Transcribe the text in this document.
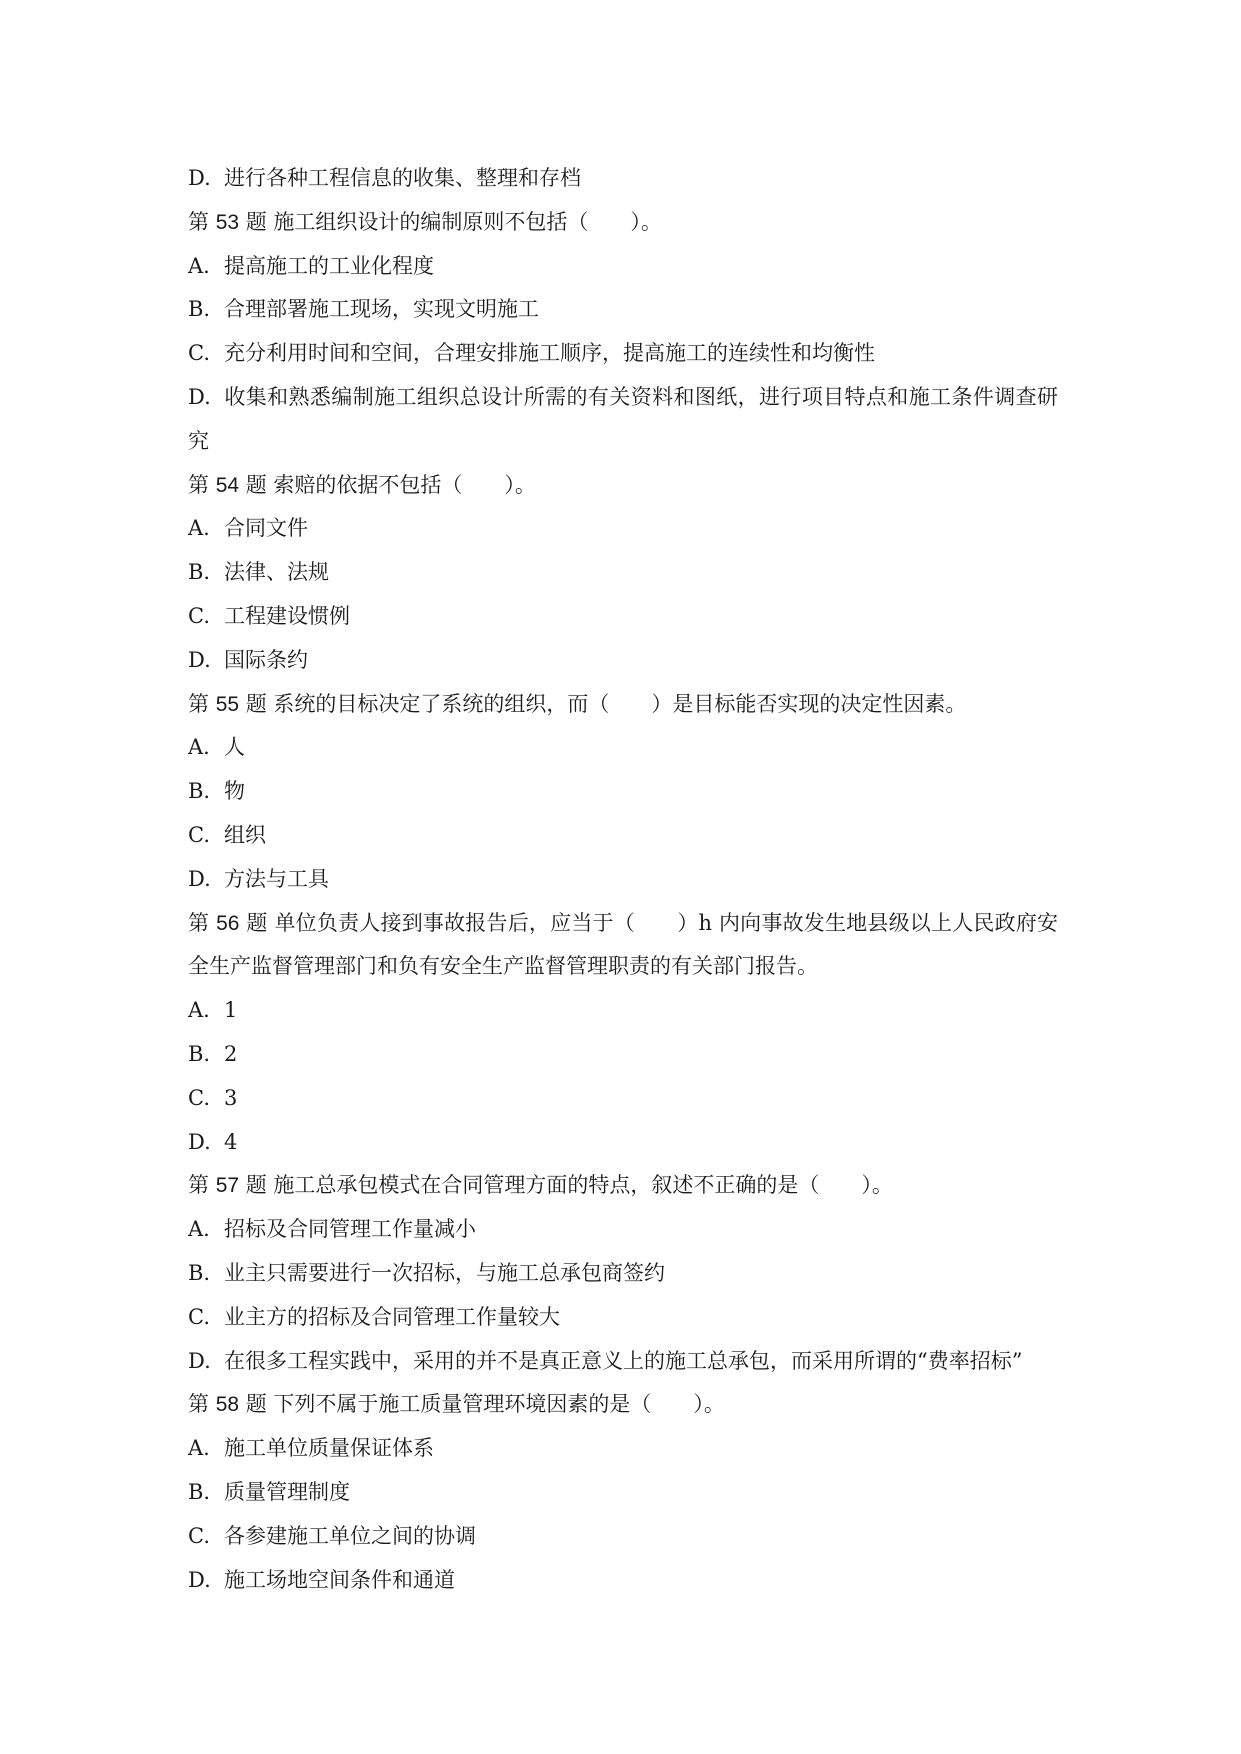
D. 进行各种工程信息的收集、整理和存档
第 53 题 施工组织设计的编制原则不包括（　　）。
A. 提高施工的工业化程度
B. 合理部署施工现场，实现文明施工
C. 充分利用时间和空间，合理安排施工顺序，提高施工的连续性和均衡性
D. 收集和熟悉编制施工组织总设计所需的有关资料和图纸，进行项目特点和施工条件调查研究
第 54 题 索赔的依据不包括（　　）。
A. 合同文件
B. 法律、法规
C. 工程建设惯例
D. 国际条约
第 55 题 系统的目标决定了系统的组织，而（　　）是目标能否实现的决定性因素。
A. 人
B. 物
C. 组织
D. 方法与工具
第 56 题 单位负责人接到事故报告后，应当于（　　）h 内向事故发生地县级以上人民政府安全生产监督管理部门和负有安全生产监督管理职责的有关部门报告。
A. 1
B. 2
C. 3
D. 4
第 57 题 施工总承包模式在合同管理方面的特点，叙述不正确的是（　　）。
A. 招标及合同管理工作量减小
B. 业主只需要进行一次招标，与施工总承包商签约
C. 业主方的招标及合同管理工作量较大
D. 在很多工程实践中，采用的并不是真正意义上的施工总承包，而采用所谓的“费率招标”
第 58 题 下列不属于施工质量管理环境因素的是（　　）。
A. 施工单位质量保证体系
B. 质量管理制度
C. 各参建施工单位之间的协调
D. 施工场地空间条件和通道
